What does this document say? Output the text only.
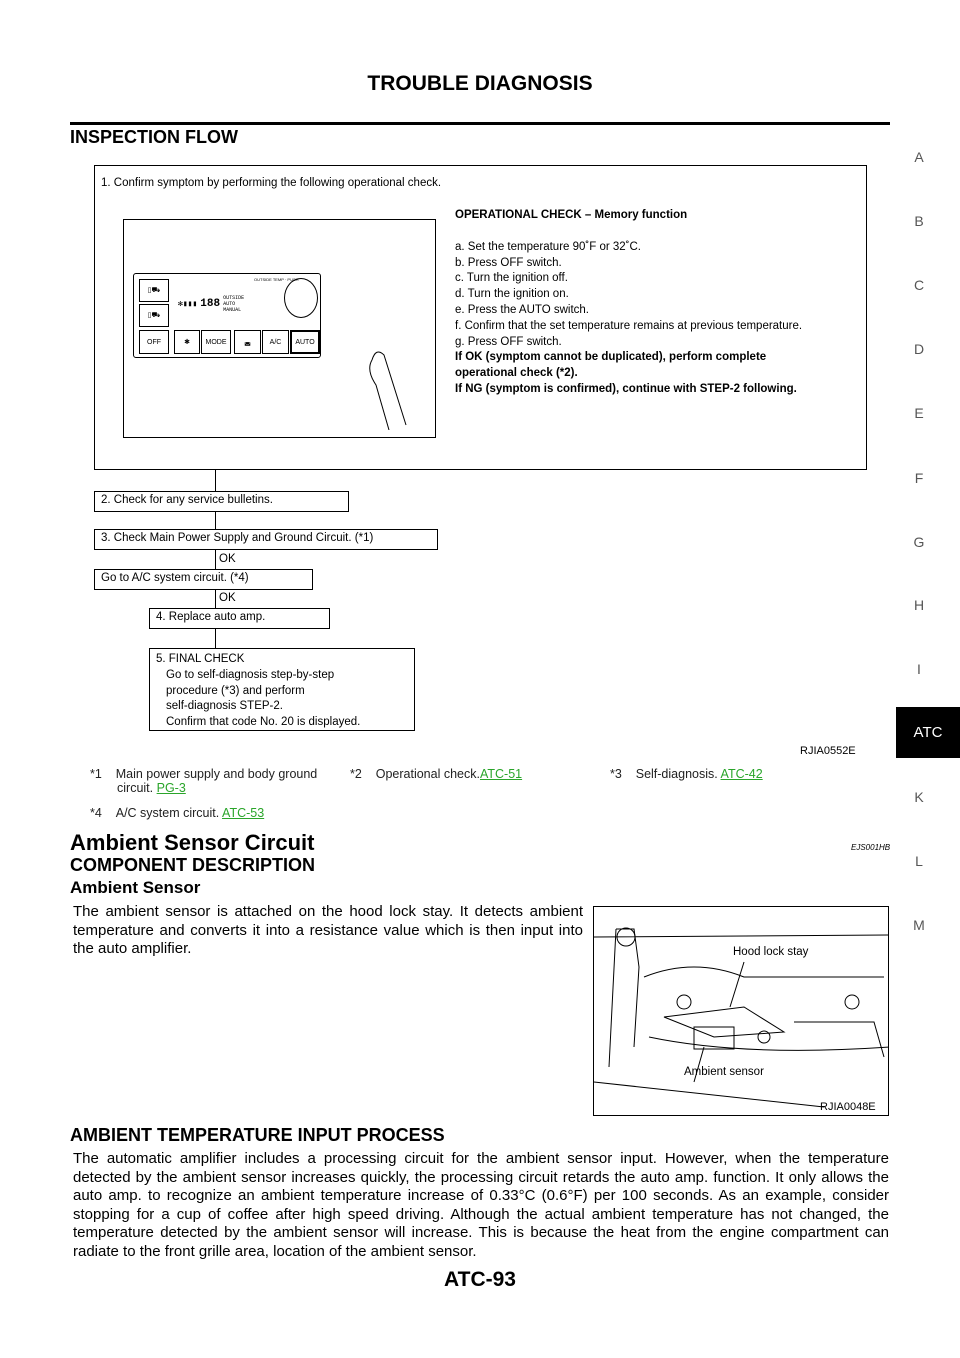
TROUBLE DIAGNOSIS
A
B
C
D
E
F
G
H
I
ATC
K
L
M
INSPECTION FLOW
1. Confirm symptom by performing the following operational check.
▯⛟
▯⛟
✻▮▮▮ 188 OUTSIDE
AUTO
MANUAL
OUTSIDE TEMP · PUSH
OFF	✱	MODE	◛	A/C	AUTO
OPERATIONAL CHECK – Memory function
a. Set the temperature 90˚F or 32˚C.
b. Press OFF switch.
c. Turn the ignition off.
d. Turn the ignition on.
e. Press the AUTO switch.
f. Confirm that the set temperature remains at previous temperature.
g. Press OFF switch.
If OK (symptom cannot be duplicated), perform complete
operational check (*2).
If NG (symptom is confirmed), continue with STEP-2 following.
2. Check for any service bulletins.
3. Check Main Power Supply and Ground Circuit. (*1)
OK
Go to A/C system circuit. (*4)
OK
4. Replace auto amp.
5. FINAL CHECK
Go to self-diagnosis step-by-step
procedure (*3) and perform
self-diagnosis STEP-2.
Confirm that code No. 20 is displayed.
RJIA0552E
*1 Main power supply and body ground
circuit. PG-3
*2 Operational check.ATC-51	*3 Self-diagnosis. ATC-42
*4 A/C system circuit. ATC-53
Ambient Sensor Circuit	EJS001HB
COMPONENT DESCRIPTION
Ambient Sensor
The ambient sensor is attached on the hood lock stay. It detects ambient temperature and converts it into a resistance value which is then input into the auto amplifier.	Hood lock stay
Ambient sensor
RJIA0048E
AMBIENT TEMPERATURE INPUT PROCESS
The automatic amplifier includes a processing circuit for the ambient sensor input. However, when the temperature detected by the ambient sensor increases quickly, the processing circuit retards the auto amp. function. It only allows the auto amp. to recognize an ambient temperature increase of 0.33°C (0.6°F) per 100 seconds. As an example, consider stopping for a cup of coffee after high speed driving. Although the actual ambient temperature has not changed, the temperature detected by the ambient sensor will increase. This is because the heat from the engine compartment can radiate to the front grille area, location of the ambient sensor.
ATC-93
